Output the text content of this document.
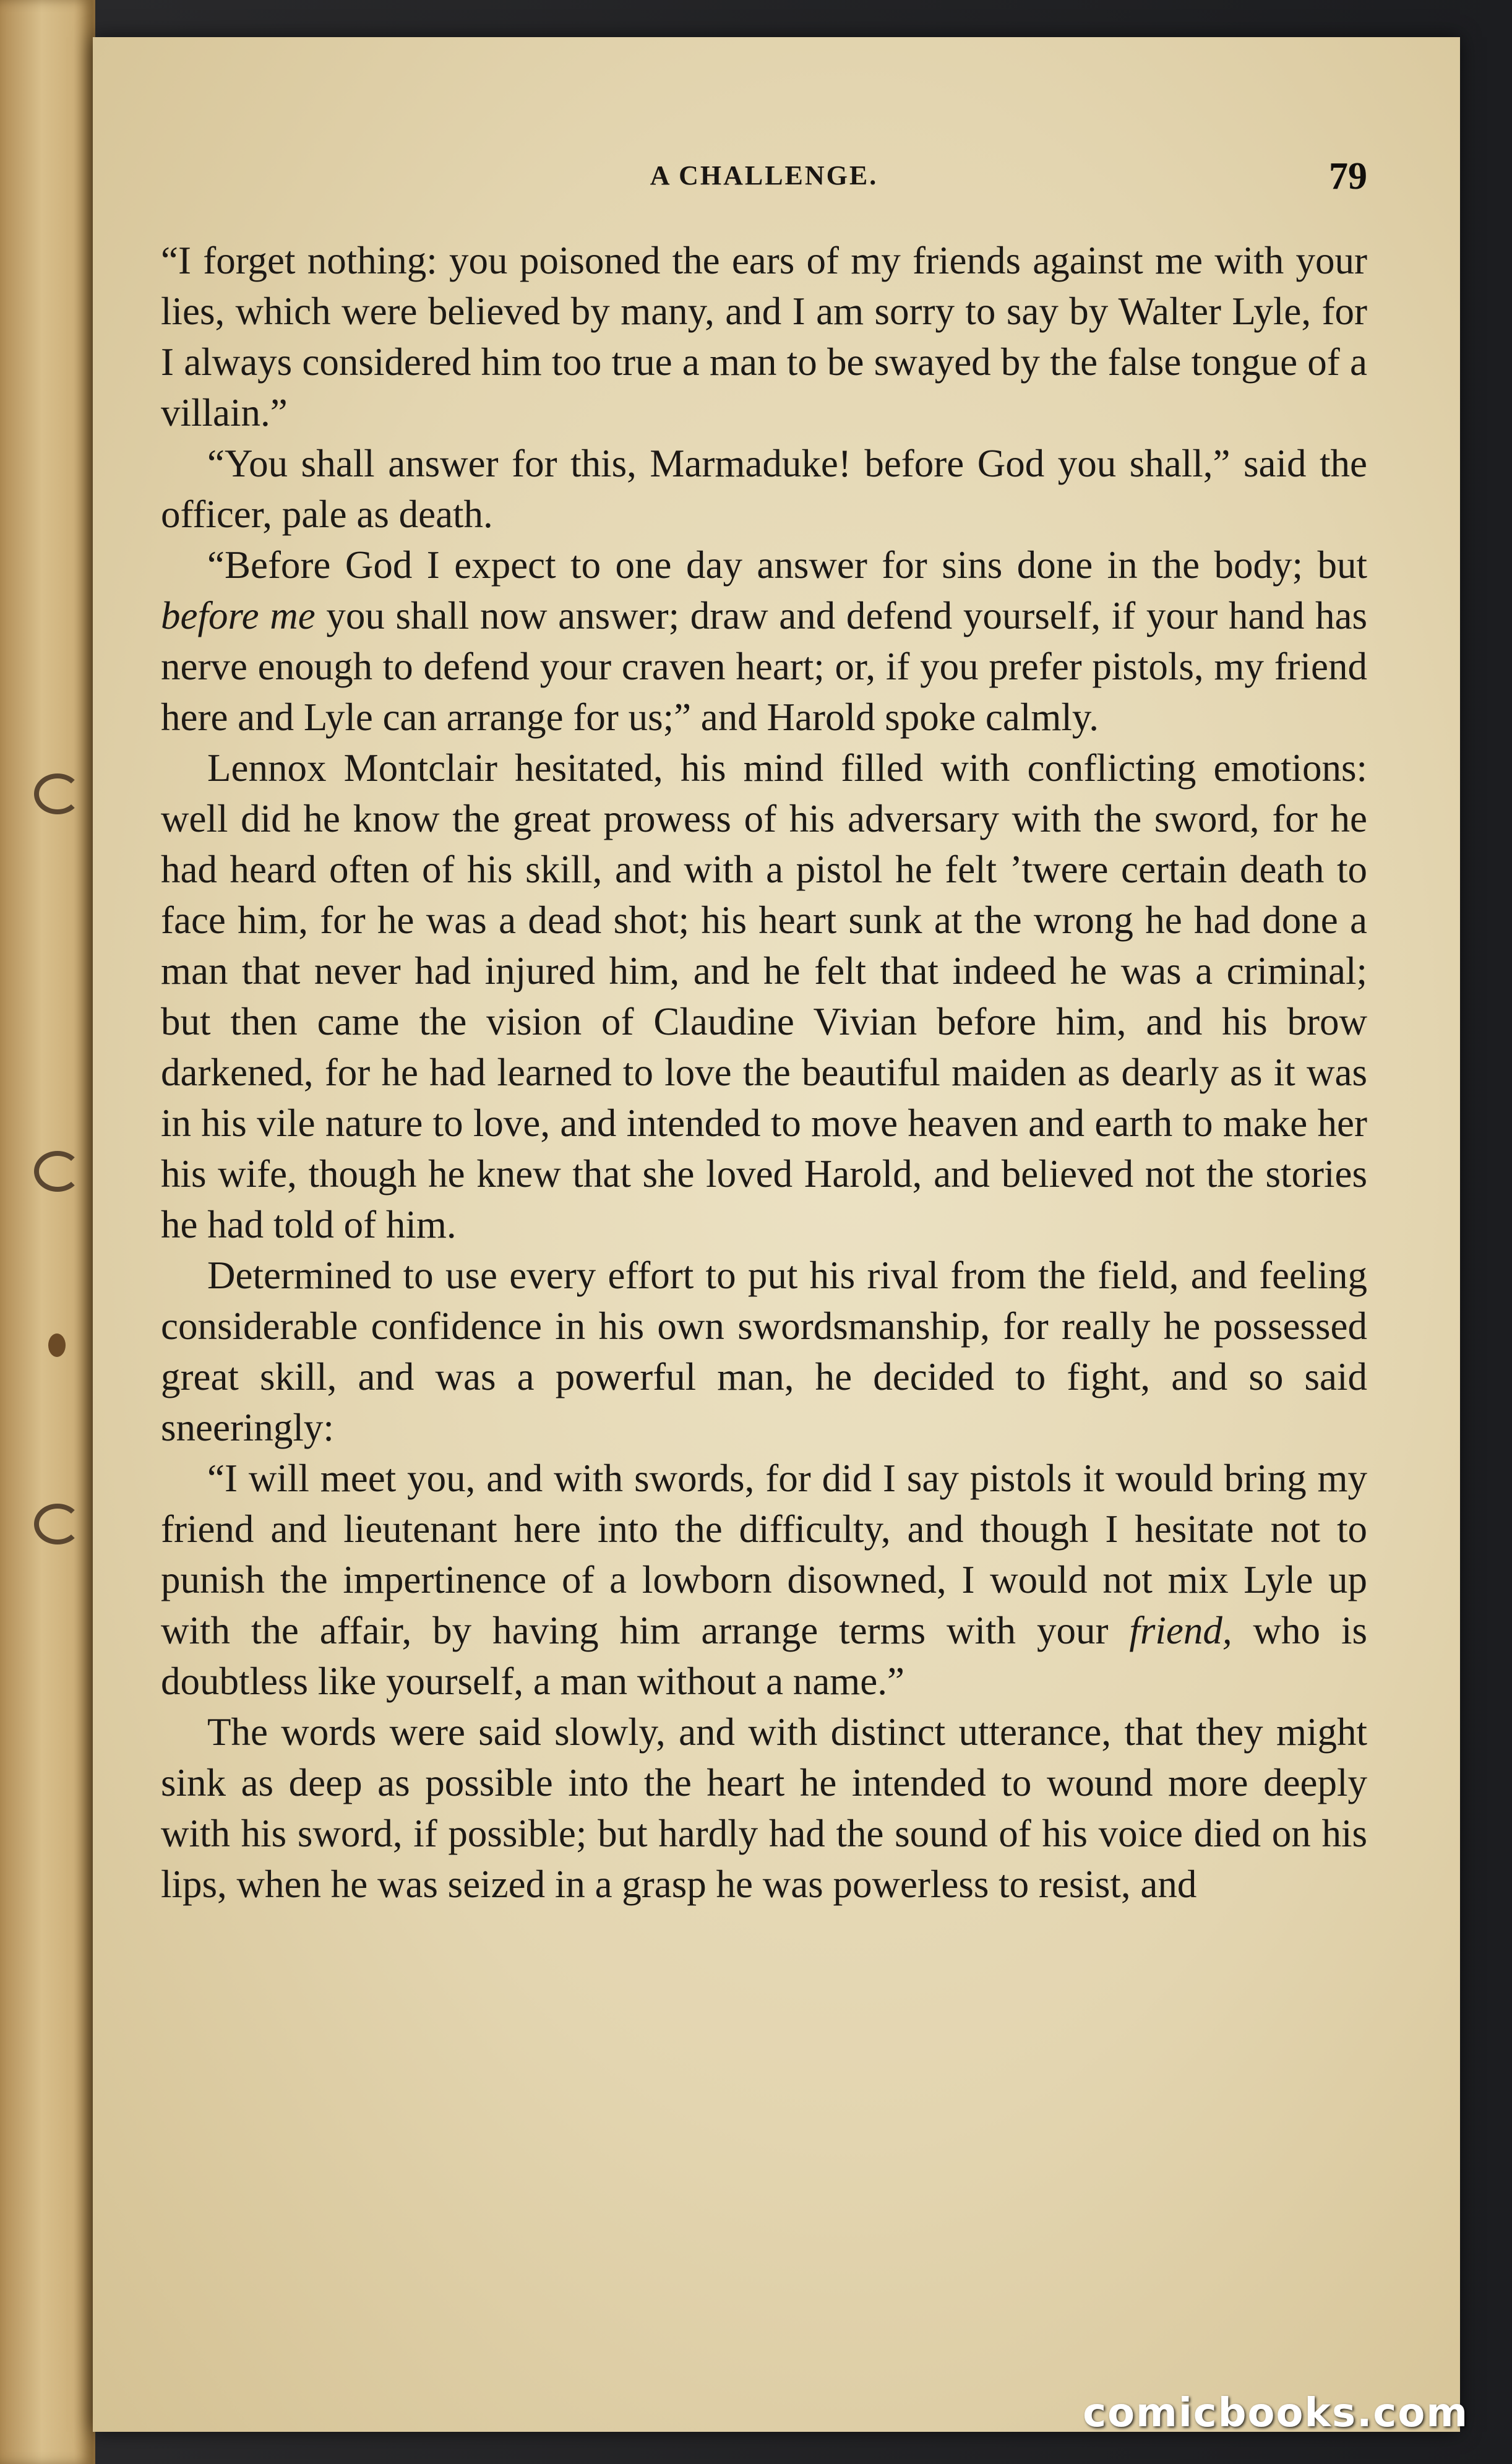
A CHALLENGE.	79

“I forget nothing: you poisoned the ears of my friends against me with your lies, which were believed by many, and I am sorry to say by Walter Lyle, for I always considered him too true a man to be swayed by the false tongue of a villain.”

“You shall answer for this, Marmaduke! before God you shall,” said the officer, pale as death.

“Before God I expect to one day answer for sins done in the body; but before me you shall now answer; draw and defend yourself, if your hand has nerve enough to defend your craven heart; or, if you prefer pistols, my friend here and Lyle can arrange for us;” and Harold spoke calmly.

Lennox Montclair hesitated, his mind filled with conflicting emotions: well did he know the great prowess of his adversary with the sword, for he had heard often of his skill, and with a pistol he felt ’twere certain death to face him, for he was a dead shot; his heart sunk at the wrong he had done a man that never had injured him, and he felt that indeed he was a criminal; but then came the vision of Claudine Vivian before him, and his brow darkened, for he had learned to love the beautiful maiden as dearly as it was in his vile nature to love, and intended to move heaven and earth to make her his wife, though he knew that she loved Harold, and believed not the stories he had told of him.

Determined to use every effort to put his rival from the field, and feeling considerable confidence in his own swordsmanship, for really he possessed great skill, and was a powerful man, he decided to fight, and so said sneeringly:

“I will meet you, and with swords, for did I say pistols it would bring my friend and lieutenant here into the difficulty, and though I hesitate not to punish the impertinence of a lowborn disowned, I would not mix Lyle up with the affair, by having him arrange terms with your friend, who is doubtless like yourself, a man without a name.”

The words were said slowly, and with distinct utterance, that they might sink as deep as possible into the heart he intended to wound more deeply with his sword, if possible; but hardly had the sound of his voice died on his lips, when he was seized in a grasp he was powerless to resist, and

comicbooks.com
